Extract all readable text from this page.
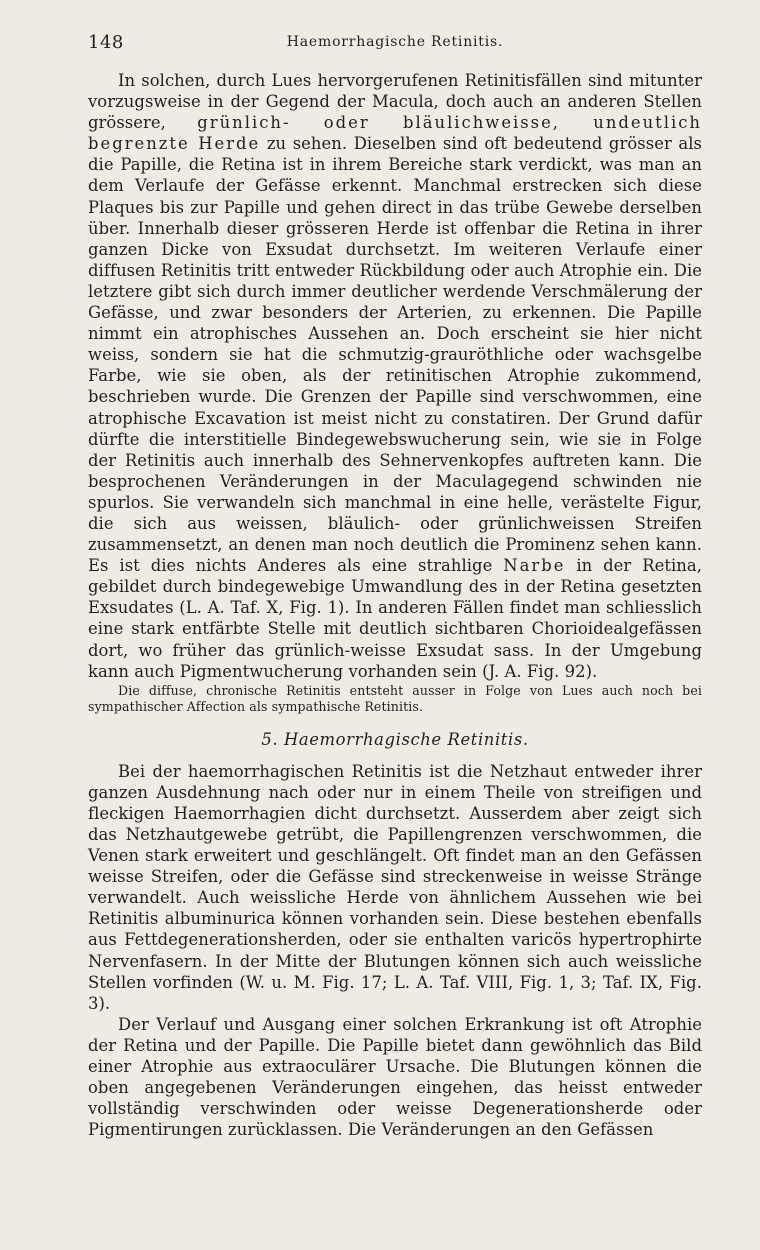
148	Haemorrhagische Retinitis.

In solchen, durch Lues hervorgerufenen Retinitisfällen sind mitunter vorzugsweise in der Gegend der Macula, doch auch an anderen Stellen grössere, grünlich- oder bläulichweisse, undeutlich begrenzte Herde zu sehen. Dieselben sind oft bedeutend grösser als die Papille, die Retina ist in ihrem Bereiche stark verdickt, was man an dem Verlaufe der Gefässe erkennt. Manchmal erstrecken sich diese Plaques bis zur Papille und gehen direct in das trübe Gewebe derselben über. Innerhalb dieser grösseren Herde ist offenbar die Retina in ihrer ganzen Dicke von Exsudat durchsetzt. Im weiteren Verlaufe einer diffusen Retinitis tritt entweder Rückbildung oder auch Atrophie ein. Die letztere gibt sich durch immer deutlicher werdende Verschmälerung der Gefässe, und zwar besonders der Arterien, zu erkennen. Die Papille nimmt ein atrophisches Aussehen an. Doch erscheint sie hier nicht weiss, sondern sie hat die schmutzig-grauröthliche oder wachsgelbe Farbe, wie sie oben, als der retinitischen Atrophie zukommend, beschrieben wurde. Die Grenzen der Papille sind verschwommen, eine atrophische Excavation ist meist nicht zu constatiren. Der Grund dafür dürfte die interstitielle Bindegewebswucherung sein, wie sie in Folge der Retinitis auch innerhalb des Sehnervenkopfes auftreten kann. Die besprochenen Veränderungen in der Maculagegend schwinden nie spurlos. Sie verwandeln sich manchmal in eine helle, verästelte Figur, die sich aus weissen, bläulich- oder grünlichweissen Streifen zusammensetzt, an denen man noch deutlich die Prominenz sehen kann. Es ist dies nichts Anderes als eine strahlige Narbe in der Retina, gebildet durch bindegewebige Umwandlung des in der Retina gesetzten Exsudates (L. A. Taf. X, Fig. 1). In anderen Fällen findet man schliesslich eine stark entfärbte Stelle mit deutlich sichtbaren Chorioidealgefässen dort, wo früher das grünlich-weisse Exsudat sass. In der Umgebung kann auch Pigmentwucherung vorhanden sein (J. A. Fig. 92).

Die diffuse, chronische Retinitis entsteht ausser in Folge von Lues auch noch bei sympathischer Affection als sympathische Retinitis.

5. Haemorrhagische Retinitis.

Bei der haemorrhagischen Retinitis ist die Netzhaut entweder ihrer ganzen Ausdehnung nach oder nur in einem Theile von streifigen und fleckigen Haemorrhagien dicht durchsetzt. Ausserdem aber zeigt sich das Netzhautgewebe getrübt, die Papillengrenzen verschwommen, die Venen stark erweitert und geschlängelt. Oft findet man an den Gefässen weisse Streifen, oder die Gefässe sind streckenweise in weisse Stränge verwandelt. Auch weissliche Herde von ähnlichem Aussehen wie bei Retinitis albuminurica können vorhanden sein. Diese bestehen ebenfalls aus Fettdegenerationsherden, oder sie enthalten varicös hypertrophirte Nervenfasern. In der Mitte der Blutungen können sich auch weissliche Stellen vorfinden (W. u. M. Fig. 17; L. A. Taf. VIII, Fig. 1, 3; Taf. IX, Fig. 3).

Der Verlauf und Ausgang einer solchen Erkrankung ist oft Atrophie der Retina und der Papille. Die Papille bietet dann gewöhnlich das Bild einer Atrophie aus extraoculärer Ursache. Die Blutungen können die oben angegebenen Veränderungen eingehen, das heisst entweder vollständig verschwinden oder weisse Degenerationsherde oder Pigmentirungen zurücklassen. Die Veränderungen an den Gefässen
